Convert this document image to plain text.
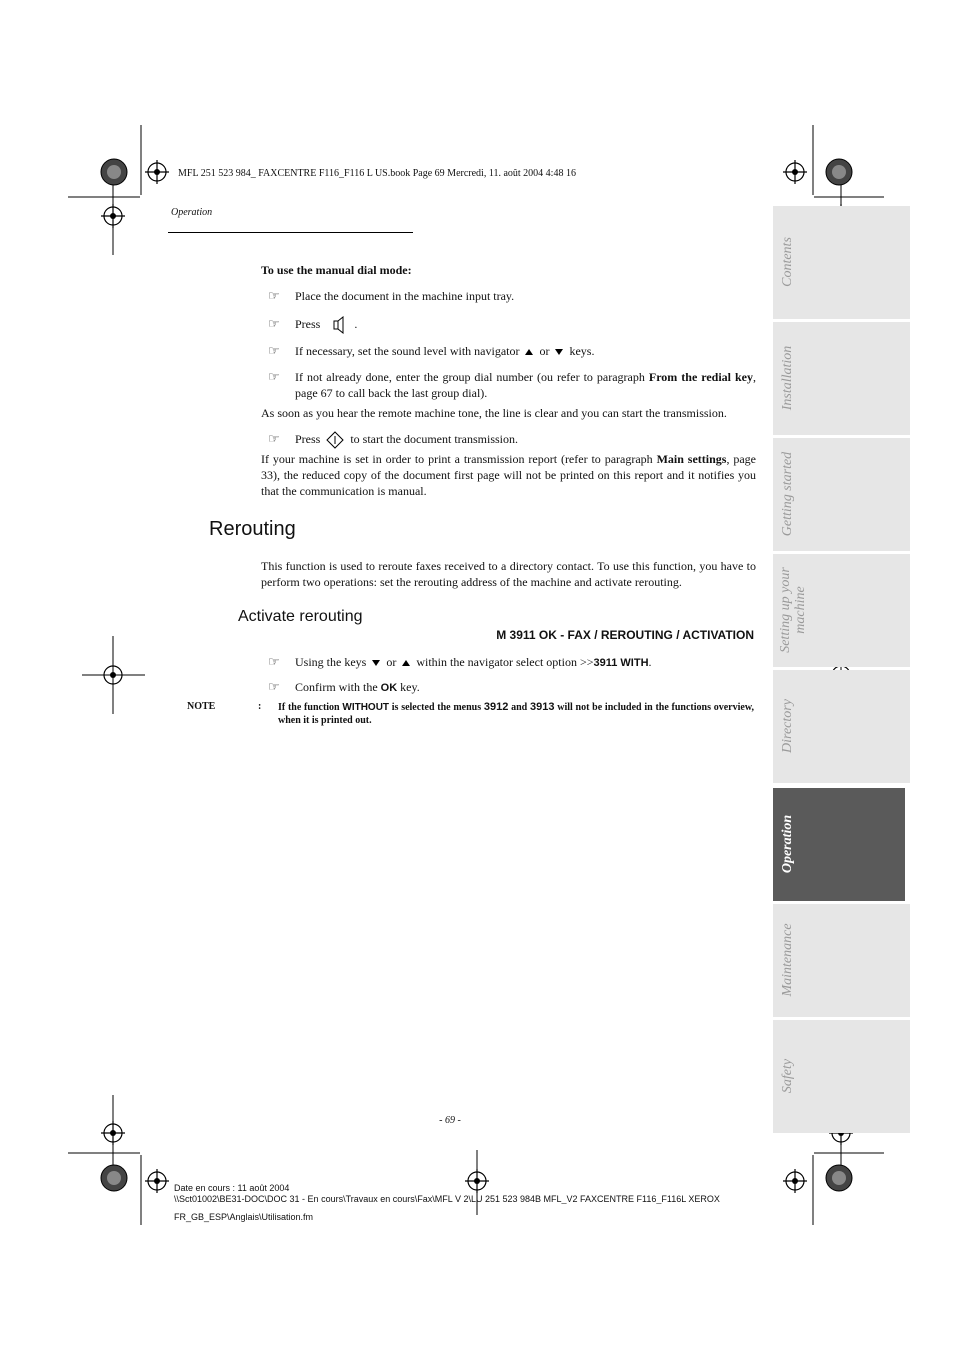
MFL 251 523 984_ FAXCENTRE F116_F116 L US.book Page 69 Mercredi, 11. août 2004 4:48 16
Operation
To use the manual dial mode:
☞	Place the document in the machine input tray.
☞	Press	.
☞	If necessary, set the sound level with navigator or keys.
☞	If not already done, enter the group dial number (ou refer to paragraph From the redial key, page 67 to call back the last group dial).
As soon as you hear the remote machine tone, the line is clear and you can start the transmission.
☞	Press	to start the document transmission.
If your machine is set in order to print a transmission report (refer to paragraph Main settings, page 33), the reduced copy of the document first page will not be printed on this report and it notifies you that the communication is manual.
Rerouting
This function is used to reroute faxes received to a directory contact. To use this function, you have to perform two operations: set the rerouting address of the machine and activate rerouting.
Activate rerouting
M 3911 OK - FAX / REROUTING / ACTIVATION
☞	Using the keys or within the navigator select option >>3911 WITH.
☞	Confirm with the OK key.
NOTE	: If the function WITHOUT is selected the menus 3912 and 3913 will not be included in the functions overview, when it is printed out.
Contents
Installation
Getting started
Setting up your machine
Directory
Operation
Maintenance
Safety
- 69 -
Date en cours : 11 août 2004
\\Sct01002\BE31-DOC\DOC 31 - En cours\Travaux en cours\Fax\MFL V 2\LU 251 523 984B MFL_V2 FAXCENTRE F116_F116L XEROX
FR_GB_ESP\Anglais\Utilisation.fm
